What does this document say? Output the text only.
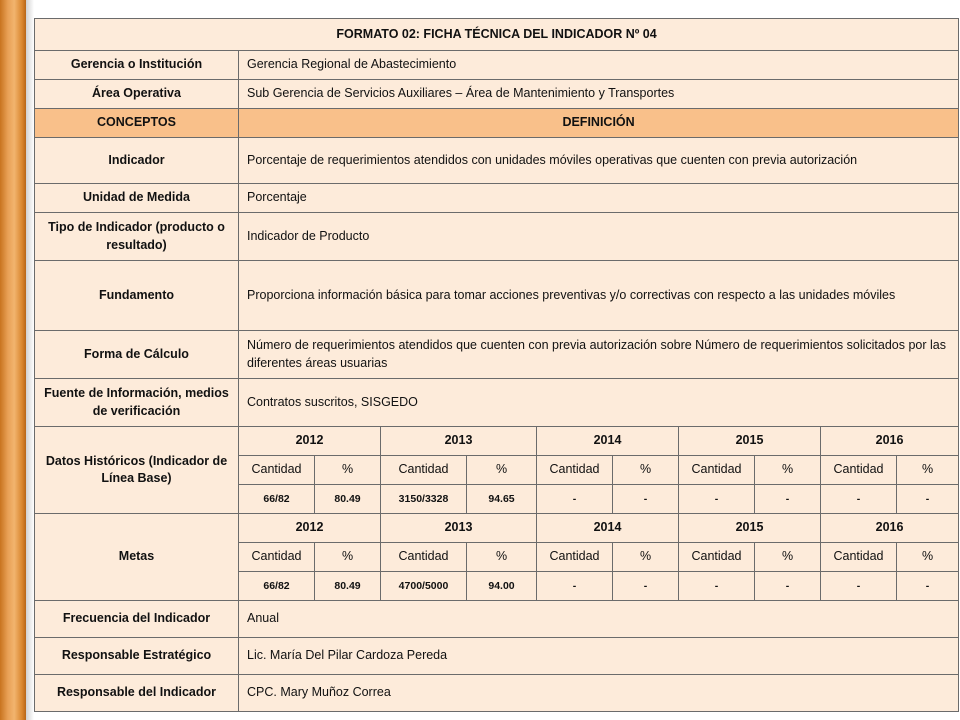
FORMATO 02: FICHA TÉCNICA DEL INDICADOR Nº 04										
Gerencia o Institución	Gerencia Regional de Abastecimiento									
Área Operativa	Sub Gerencia de Servicios Auxiliares – Área de Mantenimiento y Transportes									
CONCEPTOS	DEFINICIÓN									
Indicador	Porcentaje de requerimientos atendidos con unidades móviles operativas que cuenten con previa autorización									
Unidad de Medida	Porcentaje									
Tipo de Indicador (producto o resultado)	Indicador de Producto									
Fundamento	Proporciona información básica para tomar acciones preventivas y/o correctivas con respecto a las unidades móviles									
Forma de Cálculo	Número de requerimientos atendidos que cuenten con previa autorización sobre Número de requerimientos solicitados por las diferentes áreas usuarias									
Fuente de Información, medios de verificación	Contratos suscritos, SISGEDO									
Datos Históricos (Indicador de Línea Base)	2012		2013		2014		2015		2016	
	Cantidad	%	Cantidad	%	Cantidad	%	Cantidad	%	Cantidad	%
	66/82	80.49	3150/3328	94.65	-	-	-	-	-	-
Metas	2012		2013		2014		2015		2016	
	Cantidad	%	Cantidad	%	Cantidad	%	Cantidad	%	Cantidad	%
	66/82	80.49	4700/5000	94.00	-	-	-	-	-	-
Frecuencia del Indicador	Anual									
Responsable Estratégico	Lic. María Del Pilar Cardoza Pereda									
Responsable del Indicador	CPC. Mary Muñoz Correa									
